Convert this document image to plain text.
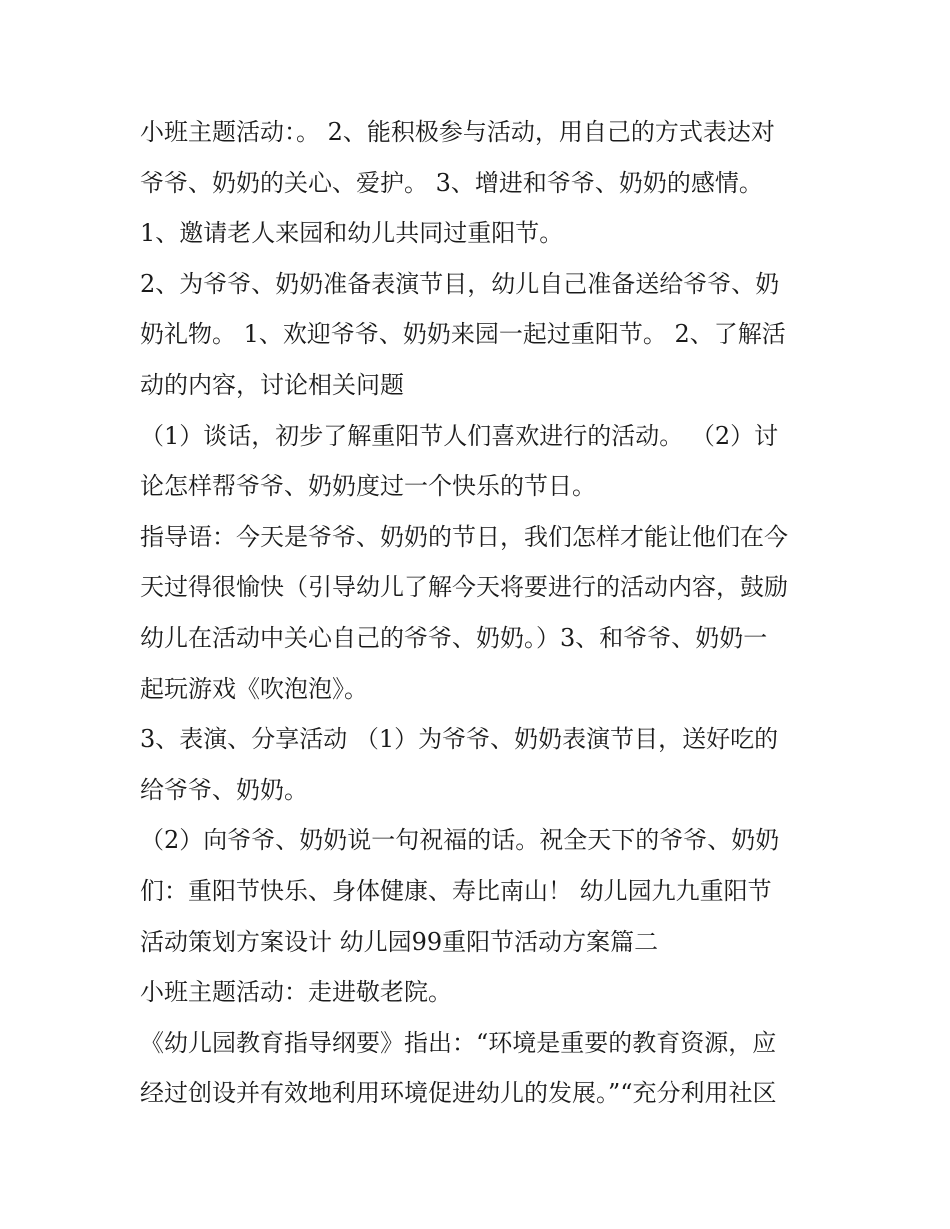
小班主题活动：。 2、能积极参与活动，用自己的方式表达对
爷爷、奶奶的关心、爱护。 3、增进和爷爷、奶奶的感情。
1、邀请老人来园和幼儿共同过重阳节。
2、为爷爷、奶奶准备表演节目，幼儿自己准备送给爷爷、奶
奶礼物。 1、欢迎爷爷、奶奶来园一起过重阳节。 2、了解活
动的内容，讨论相关问题
（1）谈话，初步了解重阳节人们喜欢进行的活动。 （2）讨
论怎样帮爷爷、奶奶度过一个快乐的节日。
指导语：今天是爷爷、奶奶的节日，我们怎样才能让他们在今
天过得很愉快（引导幼儿了解今天将要进行的活动内容，鼓励
幼儿在活动中关心自己的爷爷、奶奶。）3、和爷爷、奶奶一
起玩游戏《吹泡泡》。
3、表演、分享活动 （1）为爷爷、奶奶表演节目，送好吃的
给爷爷、奶奶。
（2）向爷爷、奶奶说一句祝福的话。祝全天下的爷爷、奶奶
们：重阳节快乐、身体健康、寿比南山！ 幼儿园九九重阳节
活动策划方案设计 幼儿园99重阳节活动方案篇二
小班主题活动：走进敬老院。
《幼儿园教育指导纲要》指出：“环境是重要的教育资源，应
经过创设并有效地利用环境促进幼儿的发展。”“充分利用社区
